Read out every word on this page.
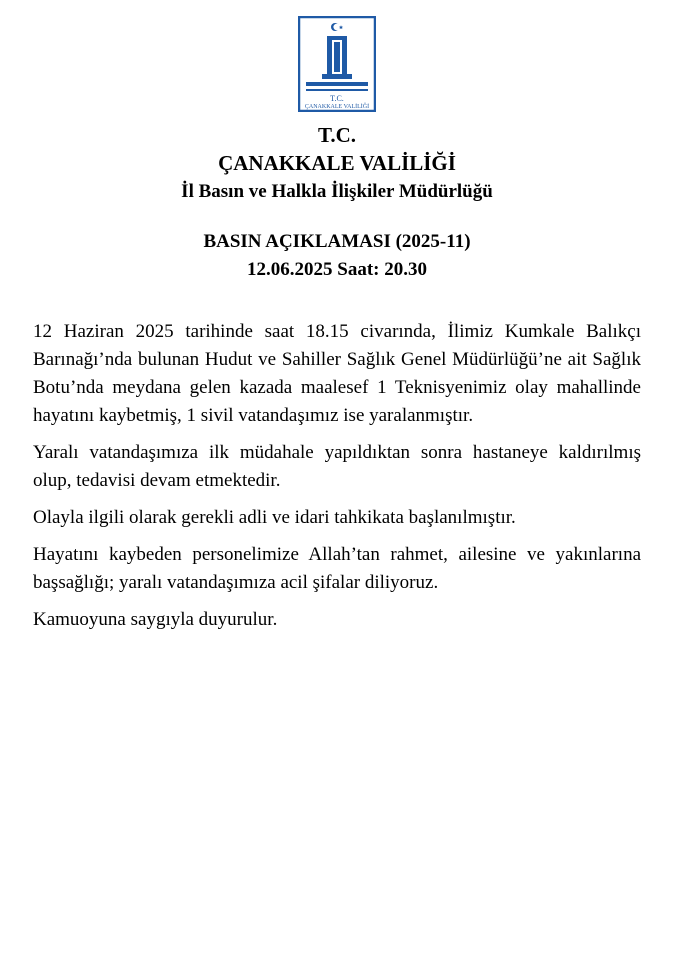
T.C.
ÇANAKKALE VALİLİĞİ
T.C.
ÇANAKKALE VALİLİĞİ
İl Basın ve Halkla İlişkiler Müdürlüğü
BASIN AÇIKLAMASI (2025-11)
12.06.2025 Saat: 20.30

12 Haziran 2025 tarihinde saat 18.15 civarında, İlimiz Kumkale Balıkçı Barınağı’nda bulunan Hudut ve Sahiller Sağlık Genel Müdürlüğü’ne ait Sağlık Botu’nda meydana gelen kazada maalesef 1 Teknisyenimiz olay mahallinde hayatını kaybetmiş, 1 sivil vatandaşımız ise yaralanmıştır.

Yaralı vatandaşımıza ilk müdahale yapıldıktan sonra hastaneye kaldırılmış olup, tedavisi devam etmektedir.

Olayla ilgili olarak gerekli adli ve idari tahkikata başlanılmıştır.

Hayatını kaybeden personelimize Allah’tan rahmet, ailesine ve yakınlarına başsağlığı; yaralı vatandaşımıza acil şifalar diliyoruz.

Kamuoyuna saygıyla duyurulur.
